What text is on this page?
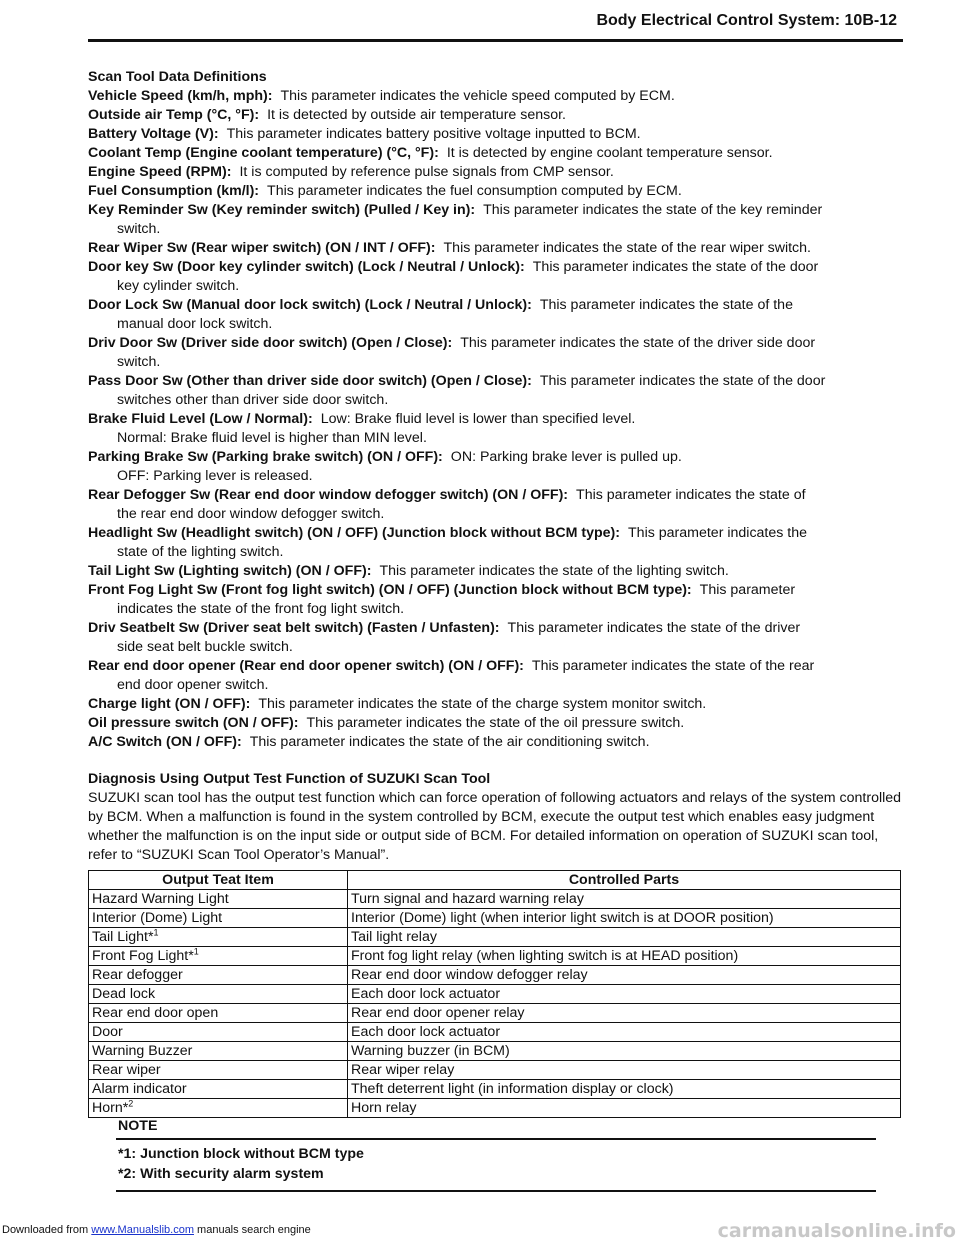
Body Electrical Control System: 10B-12

Scan Tool Data Definitions

Vehicle Speed (km/h, mph): This parameter indicates the vehicle speed computed by ECM.

Outside air Temp (°C, °F): It is detected by outside air temperature sensor.

Battery Voltage (V): This parameter indicates battery positive voltage inputted to BCM.

Coolant Temp (Engine coolant temperature) (°C, °F): It is detected by engine coolant temperature sensor.

Engine Speed (RPM): It is computed by reference pulse signals from CMP sensor.

Fuel Consumption (km/l): This parameter indicates the fuel consumption computed by ECM.

Key Reminder Sw (Key reminder switch) (Pulled / Key in): This parameter indicates the state of the key reminder
switch.

Rear Wiper Sw (Rear wiper switch) (ON / INT / OFF): This parameter indicates the state of the rear wiper switch.

Door key Sw (Door key cylinder switch) (Lock / Neutral / Unlock): This parameter indicates the state of the door
key cylinder switch.

Door Lock Sw (Manual door lock switch) (Lock / Neutral / Unlock): This parameter indicates the state of the
manual door lock switch.

Driv Door Sw (Driver side door switch) (Open / Close): This parameter indicates the state of the driver side door
switch.

Pass Door Sw (Other than driver side door switch) (Open / Close): This parameter indicates the state of the door
switches other than driver side door switch.

Brake Fluid Level (Low / Normal): Low: Brake fluid level is lower than specified level.
Normal: Brake fluid level is higher than MIN level.

Parking Brake Sw (Parking brake switch) (ON / OFF): ON: Parking brake lever is pulled up.
OFF: Parking lever is released.

Rear Defogger Sw (Rear end door window defogger switch) (ON / OFF): This parameter indicates the state of
the rear end door window defogger switch.

Headlight Sw (Headlight switch) (ON / OFF) (Junction block without BCM type): This parameter indicates the
state of the lighting switch.

Tail Light Sw (Lighting switch) (ON / OFF): This parameter indicates the state of the lighting switch.

Front Fog Light Sw (Front fog light switch) (ON / OFF) (Junction block without BCM type): This parameter
indicates the state of the front fog light switch.

Driv Seatbelt Sw (Driver seat belt switch) (Fasten / Unfasten): This parameter indicates the state of the driver
side seat belt buckle switch.

Rear end door opener (Rear end door opener switch) (ON / OFF): This parameter indicates the state of the rear
end door opener switch.

Charge light (ON / OFF): This parameter indicates the state of the charge system monitor switch.

Oil pressure switch (ON / OFF): This parameter indicates the state of the oil pressure switch.

A/C Switch (ON / OFF): This parameter indicates the state of the air conditioning switch.

Diagnosis Using Output Test Function of SUZUKI Scan Tool

SUZUKI scan tool has the output test function which can force operation of following actuators and relays of the system controlled by BCM. When a malfunction is found in the system controlled by BCM, execute the output test which enables easy judgment whether the malfunction is on the input side or output side of BCM. For detailed information on operation of SUZUKI scan tool, refer to “SUZUKI Scan Tool Operator’s Manual”.

Output Teat Item	Controlled Parts
Hazard Warning Light	Turn signal and hazard warning relay
Interior (Dome) Light	Interior (Dome) light (when interior light switch is at DOOR position)
Tail Light*$^1$	Tail light relay
Front Fog Light*$^1$	Front fog light relay (when lighting switch is at HEAD position)
Rear defogger	Rear end door window defogger relay
Dead lock	Each door lock actuator
Rear end door open	Rear end door opener relay
Door	Each door lock actuator
Warning Buzzer	Warning buzzer (in BCM)
Rear wiper	Rear wiper relay
Alarm indicator	Theft deterrent light (in information display or clock)
Horn*$^2$	Horn relay
NOTE
*1: Junction block without BCM type
*2: With security alarm system
Downloaded from www.Manualslib.com manuals search engine	carmanualsonline.info
